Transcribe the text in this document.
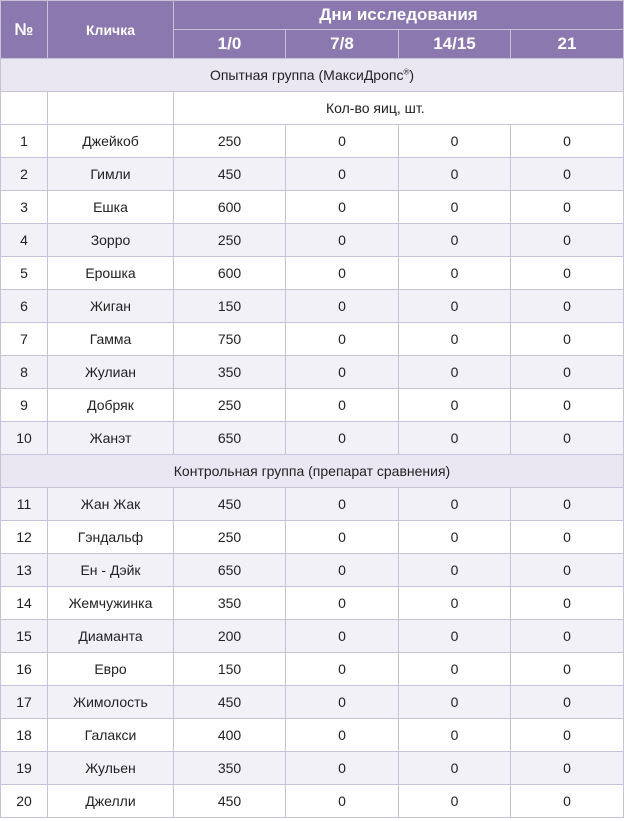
№	Кличка	Дни исследования			
		1/0	7/8	14/15	21
Опытная группа (МаксиДропс®)					
		Кол-во яиц, шт.			
1	Джейкоб	250	0	0	0
2	Гимли	450	0	0	0
3	Ешка	600	0	0	0
4	Зорро	250	0	0	0
5	Ерошка	600	0	0	0
6	Жиган	150	0	0	0
7	Гамма	750	0	0	0
8	Жулиан	350	0	0	0
9	Добряк	250	0	0	0
10	Жанэт	650	0	0	0
Контрольная группа (препарат сравнения)					
11	Жан Жак	450	0	0	0
12	Гэндальф	250	0	0	0
13	Ен - Дэйк	650	0	0	0
14	Жемчужинка	350	0	0	0
15	Диаманта	200	0	0	0
16	Евро	150	0	0	0
17	Жимолость	450	0	0	0
18	Галакси	400	0	0	0
19	Жульен	350	0	0	0
20	Джелли	450	0	0	0
